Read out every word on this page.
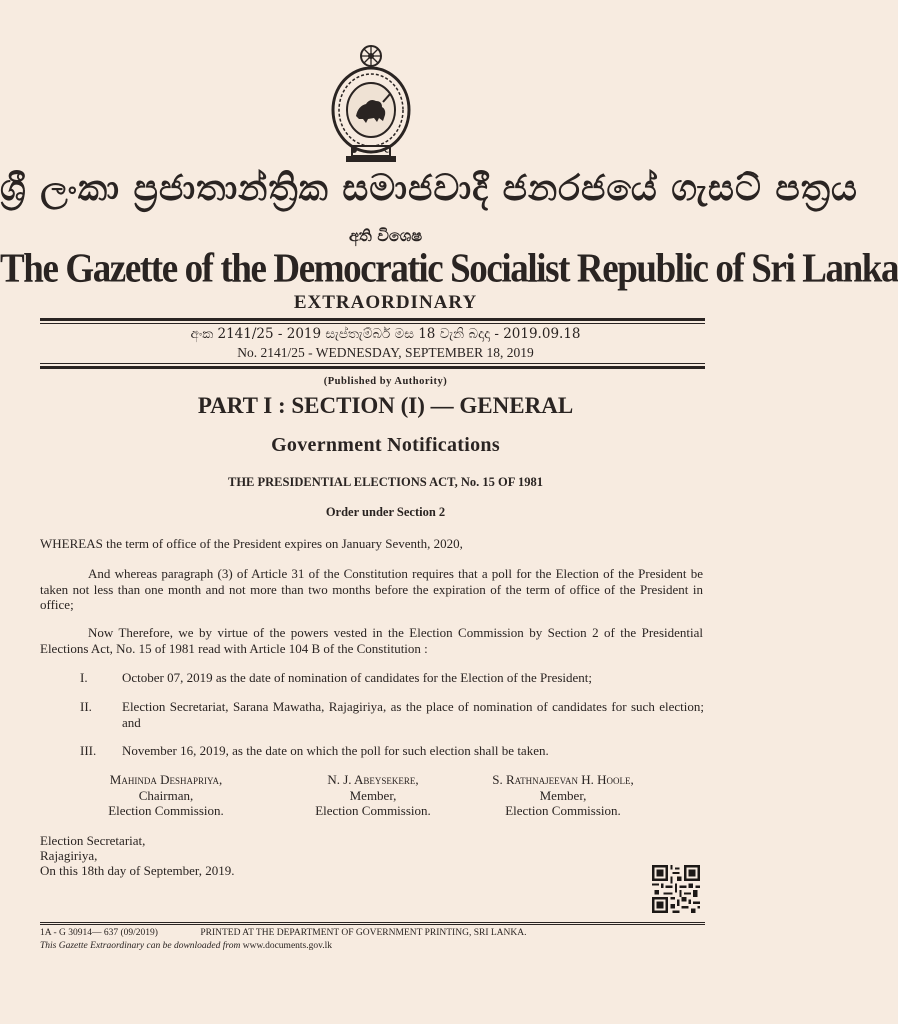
ශ්‍රී ලංකා ප්‍රජාතාන්ත්‍රික සමාජවාදී ජනරජයේ ගැසට් පත්‍රය
අති විශෙෂ
The Gazette of the Democratic Socialist Republic of Sri Lanka
EXTRAORDINARY
අංක 2141/25 - 2019 සැප්තැම්බර් මස 18 වැනි බදාදා - 2019.09.18
No. 2141/25 - WEDNESDAY, SEPTEMBER 18, 2019
(Published by Authority)
PART I : SECTION (I) — GENERAL
Government Notifications
THE PRESIDENTIAL ELECTIONS ACT, No. 15 OF 1981
Order under Section 2

WHEREAS the term of office of the President expires on January Seventh, 2020,

And whereas paragraph (3) of Article 31 of the Constitution requires that a poll for the Election of the President be taken not less than one month and not more than two months before the expiration of the term of office of the President in office;

Now Therefore, we by virtue of the powers vested in the Election Commission by Section 2 of the Presidential Elections Act, No. 15 of 1981 read with Article 104 B of the Constitution :

I.	October 07, 2019 as the date of nomination of candidates for the Election of the President;
II. Election Secretariat, Sarana Mawatha, Rajagiriya, as the place of nomination of candidates for such election; and
III. November 16, 2019, as the date on which the poll for such election shall be taken.
Mahinda Deshapriya,
Chairman,
Election Commission.
N. J. Abeysekere,
Member,
Election Commission.
S. Rathnajeevan H. Hoole,
Member,
Election Commission.
Election Secretariat,
Rajagiriya,
On this 18th day of September, 2019.
1A - G 30914— 637 (09/2019)	PRINTED AT THE DEPARTMENT OF GOVERNMENT PRINTING, SRI LANKA.
This Gazette Extraordinary can be downloaded from www.documents.gov.lk
